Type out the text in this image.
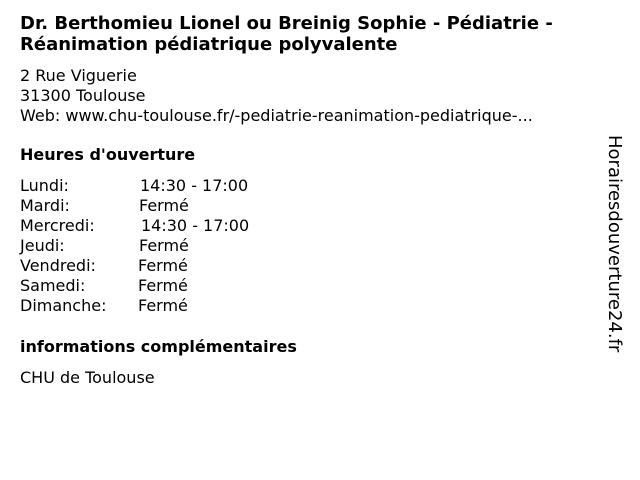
Dr. Berthomieu Lionel ou Breinig Sophie - Pédiatrie -
Réanimation pédiatrique polyvalente
2 Rue Viguerie
31300 Toulouse
Web: www.chu-toulouse.fr/-pediatrie-reanimation-pediatrique-...
Heures d'ouverture
Lundi:	14:30 - 17:00
Mardi:	Fermé
Mercredi:	14:30 - 17:00
Jeudi:	Fermé
Vendredi:	Fermé
Samedi:	Fermé
Dimanche: Fermé
informations complémentaires
CHU de Toulouse
Horairesdouverture24.fr
